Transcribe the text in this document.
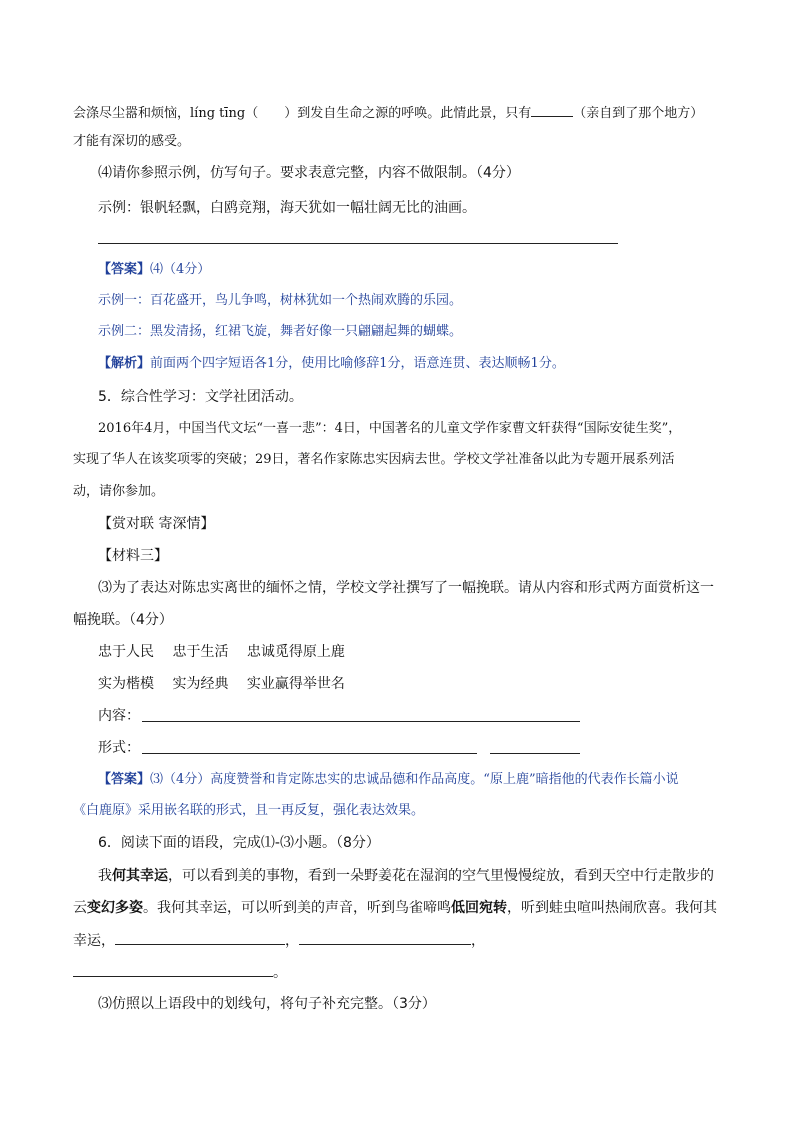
会涤尽尘嚣和烦恼，líng tīng（ ）到发自生命之源的呼唤。此情此景，只有	（亲自到了那个地方）
才能有深切的感受。
⑷请你参照示例，仿写句子。要求表意完整，内容不做限制。（4分）
示例：银帆轻飘，白鸥竞翔，海天犹如一幅壮阔无比的油画。
【答案】⑷（4分）
示例一：百花盛开，鸟儿争鸣，树林犹如一个热闹欢腾的乐园。
示例二：黑发清扬，红裙飞旋，舞者好像一只翩翩起舞的蝴蝶。
【解析】前面两个四字短语各1分，使用比喻修辞1分，语意连贯、表达顺畅1分。
5．综合性学习：文学社团活动。
2016年4月，中国当代文坛“一喜一悲”：4日，中国著名的儿童文学作家曹文轩获得“国际安徒生奖”，
实现了华人在该奖项零的突破；29日，著名作家陈忠实因病去世。学校文学社准备以此为专题开展系列活
动，请你参加。
【赏对联 寄深情】
【材料三】
⑶为了表达对陈忠实离世的缅怀之情，学校文学社撰写了一幅挽联。请从内容和形式两方面赏析这一
幅挽联。（4分）
忠于人民　 忠于生活　 忠诚觅得原上鹿
实为楷模　 实为经典　 实业赢得举世名
内容：
形式：
【答案】⑶（4分）高度赞誉和肯定陈忠实的忠诚品德和作品高度。“原上鹿”暗指他的代表作长篇小说
《白鹿原》采用嵌名联的形式，且一再反复，强化表达效果。
6．阅读下面的语段，完成⑴-⑶小题。（8分）
我何其幸运，可以看到美的事物，看到一朵野姜花在湿润的空气里慢慢绽放，看到天空中行走散步的
云变幻多姿。我何其幸运，可以听到美的声音，听到鸟雀啼鸣低回宛转，听到蛙虫喧叫热闹欣喜。我何其
幸运，	，	，
。
⑶仿照以上语段中的划线句，将句子补充完整。（3分）
